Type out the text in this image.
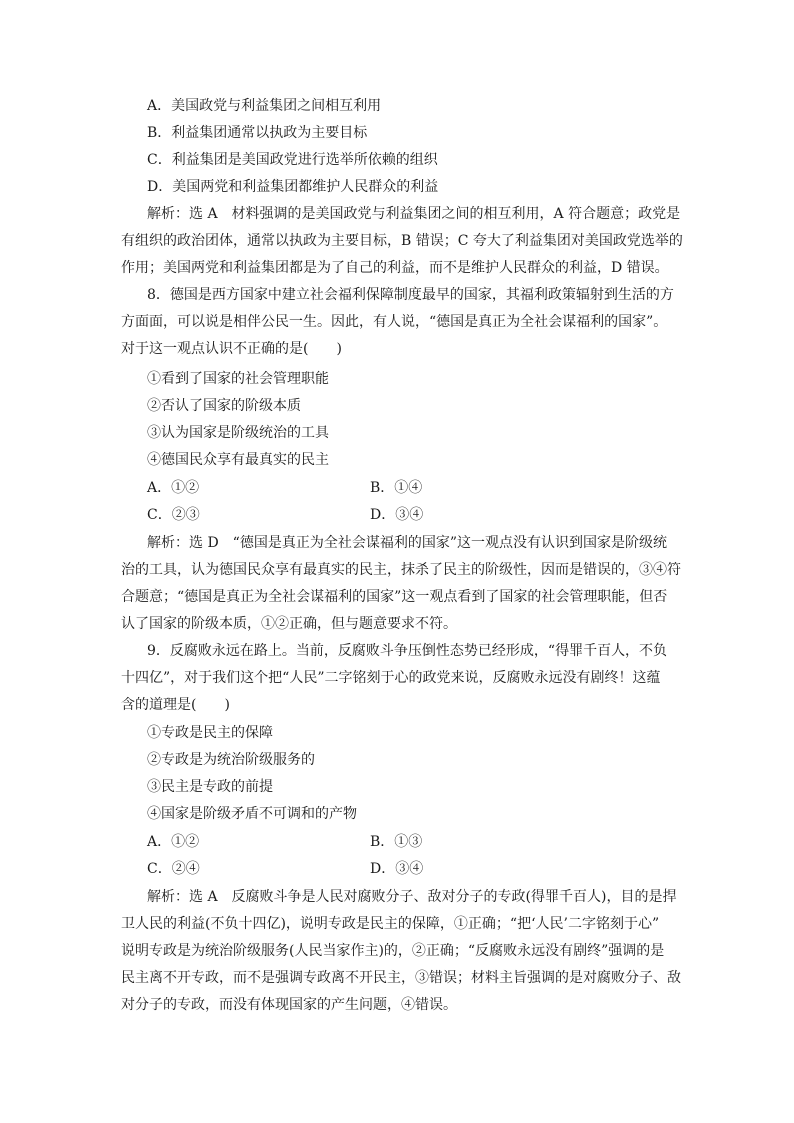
A．美国政党与利益集团之间相互利用
B．利益集团通常以执政为主要目标
C．利益集团是美国政党进行选举所依赖的组织
D．美国两党和利益集团都维护人民群众的利益
解析：选 A　材料强调的是美国政党与利益集团之间的相互利用，A 符合题意；政党是
有组织的政治团体，通常以执政为主要目标，B 错误；C 夸大了利益集团对美国政党选举的
作用；美国两党和利益集团都是为了自己的利益，而不是维护人民群众的利益，D 错误。
8．德国是西方国家中建立社会福利保障制度最早的国家，其福利政策辐射到生活的方
方面面，可以说是相伴公民一生。因此，有人说，“德国是真正为全社会谋福利的国家”。
对于这一观点认识不正确的是(　　)
①看到了国家的社会管理职能
②否认了国家的阶级本质
③认为国家是阶级统治的工具
④德国民众享有最真实的民主
A．①②	B．①④
C．②③	D．③④
解析：选 D　“德国是真正为全社会谋福利的国家”这一观点没有认识到国家是阶级统
治的工具，认为德国民众享有最真实的民主，抹杀了民主的阶级性，因而是错误的，③④符
合题意；“德国是真正为全社会谋福利的国家”这一观点看到了国家的社会管理职能，但否
认了国家的阶级本质，①②正确，但与题意要求不符。
9．反腐败永远在路上。当前，反腐败斗争压倒性态势已经形成，“得罪千百人，不负
十四亿”，对于我们这个把“人民”二字铭刻于心的政党来说，反腐败永远没有剧终！这蕴
含的道理是(　　)
①专政是民主的保障
②专政是为统治阶级服务的
③民主是专政的前提
④国家是阶级矛盾不可调和的产物
A．①②	B．①③
C．②④	D．③④
解析：选 A　反腐败斗争是人民对腐败分子、敌对分子的专政(得罪千百人)，目的是捍
卫人民的利益(不负十四亿)，说明专政是民主的保障，①正确；“把‘人民’二字铭刻于心”
说明专政是为统治阶级服务(人民当家作主)的，②正确；“反腐败永远没有剧终”强调的是
民主离不开专政，而不是强调专政离不开民主，③错误；材料主旨强调的是对腐败分子、敌
对分子的专政，而没有体现国家的产生问题，④错误。
